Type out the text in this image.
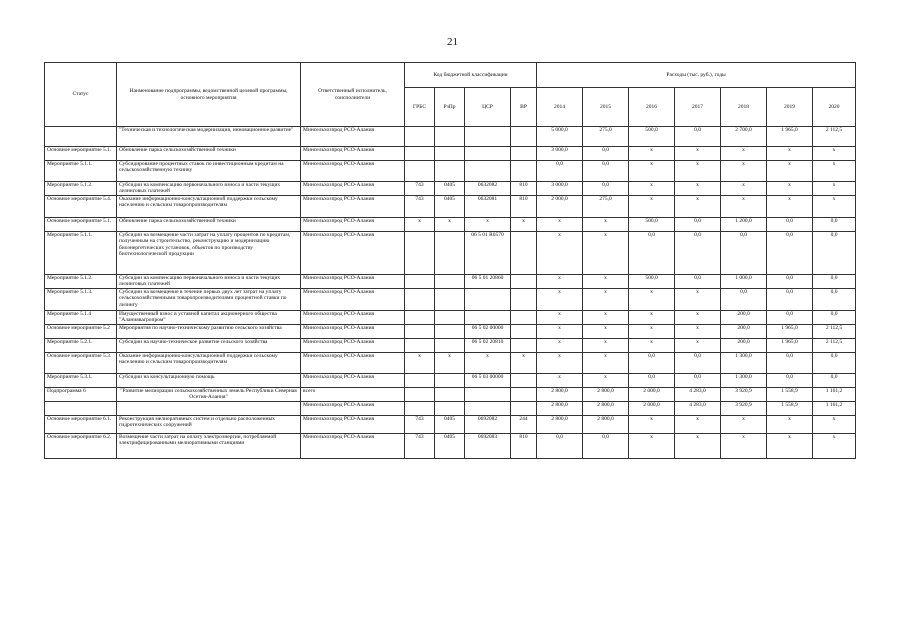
21
Статус	Наименование подпрограммы, ведомственной целевой программы, основного мероприятия	Ответственный исполнитель, соисполнители	Код бюджетной классификации				Расходы (тыс. руб.), годы						
			ГРБС	РзПр	ЦСР	ВР	2014	2015	2016	2017	2018	2019	2020
	"Техническая и технологическая модернизация, инновационное развитие"	Минсельхозпрод РСО-Алания					5 000,0	275,0	500,0	0,0	2 700,0	1 965,0	2 112,5
Основное мероприятие 5.1.	Обновление парка сельскохозяйственной техники	Минсельхозпрод РСО-Алания					3 000,0	0,0	х	х	х	х	х
Мероприятие 5.1.1.	Субсидирование процентных ставок по инвестиционным кредитам на сельскохозяйственную технику	Минсельхозпрод РСО-Алания					0,0	0,0	х	х	х	х	х
Мероприятие 5.1.2.	Субсидии на компенсацию первоначального взноса и части текущих лизинговых платежей	Минсельхозпрод РСО-Алания	743	0405	0632082	810	3 000,0	0,0	х	х	х	х	х
Основное мероприятие 5.4.	Оказание информационно-консультационной поддержки сельскому населению и сельским товаропроизводителям	Минсельхозпрод РСО-Алания	743	0405	0632081	810	2 000,0	275,0	х	х	х	х	х
Основное мероприятие 5.1.	Обновление парка сельскохозяйственной техники	Минсельхозпрод РСО-Алания	х	х	х	х	х	х	500,0	0,0	1 200,0	0,0	0,0
Мероприятие 5.1.1.	Субсидии на возмещение части затрат на уплату процентов по кредитам, полученным на строительство, реконструкцию и модернизацию биоэнергетических установок, объектов по производству биотехнологической продукции	Минсельхозпрод РСО-Алания			06 5 01 R0570		х	х	0,0	0,0	0,0	0,0	0,0
Мероприятие 5.1.2.	Субсидии на компенсацию первоначального взноса и части текущих лизинговых платежей	Минсельхозпрод РСО-Алания			06 5 01 20860		х	х	500,0	0,0	1 000,0	0,0	0,0
Мероприятие 5.1.3.	Субсидии на возмещение в течение первых двух лет затрат на уплату сельскохозяйственными товаропроизводителями процентной ставки по лизингу	Минсельхозпрод РСО-Алания					х	х	х	х	0,0	0,0	0,0
Мероприятие 5.1.4	Имущественный взнос в уставной капитал акционерного общества "Аланиявагропром"	Минсельхозпрод РСО-Алания					х	х	х	х	200,0	0,0	0,0
Основное мероприятие 5.2	Мероприятия по научно-техническому развитию сельского хозяйства	Минсельхозпрод РСО-Алания			06 5 02 00000		х	х	х	х	200,0	1 965,0	2 112,5
Мероприятие 5.2.1.	Субсидии на научно-техническое развитие сельского хозяйства	Минсельхозпрод РСО-Алания			06 5 02 20810		х	х	х	х	200,0	1 965,0	2 112,5
Основное мероприятие 5.3.	Оказание информационно-консультационной поддержки сельскому населению и сельским товаропроизводителям	Минсельхозпрод РСО-Алания	х	х	х	х	х	х	0,0	0,0	1 300,0	0,0	0,0
Мероприятие 5.3.1.	Субсидии на консультационную помощь	Минсельхозпрод РСО-Алания			06 5 03 00000		х	х	0,0	0,0	1 300,0	0,0	0,0
Подпрограмма 6	"Развитие мелиорации сельскохозяйственных земель Республики Северная Осетия-Алания"	всего					2 800,0	2 800,0	2 000,0	4 283,0	3 920,9	1 558,9	1 161,2
		Минсельхозпрод РСО-Алания					2 800,0	2 800,0	2 000,0	4 283,0	3 920,9	1 558,9	1 161,2
Основное мероприятие 6.1.	Реконструкция мелиоративных систем и отдельно расположенных гидротехнических сооружений	Минсельхозпрод РСО-Алания	743	0405	0692082	244	2 800,0	2 800,0	х	х	х	х	х
Основное мероприятие 6.2.	Возмещение части затрат на оплату электроэнергии, потребляемой электрифицированными мелиоративными станциями	Минсельхозпрод РСО-Алания	743	0405	0692083	810	0,0	0,0	х	х	х	х	х
